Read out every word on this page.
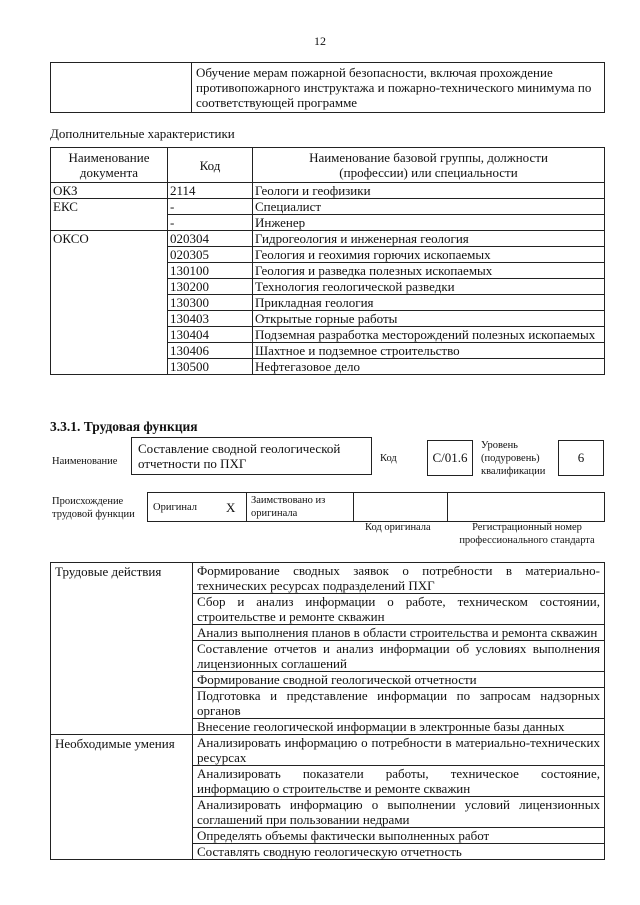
12
	Обучение мерам пожарной безопасности, включая прохождение противопожарного инструктажа и пожарно-технического минимума по соответствующей программе
Дополнительные характеристики
Наименование документа	Код	Наименование базовой группы, должности (профессии) или специальности
ОКЗ	2114	Геологи и геофизики
ЕКС	-	Специалист
	-	Инженер
ОКСО	020304	Гидрогеология и инженерная геология
	020305	Геология и геохимия горючих ископаемых
	130100	Геология и разведка полезных ископаемых
	130200	Технология геологической разведки
	130300	Прикладная геология
	130403	Открытые горные работы
	130404	Подземная разработка месторождений полезных ископаемых
	130406	Шахтное и подземное строительство
	130500	Нефтегазовое дело
3.3.1. Трудовая функция
Наименование
Составление сводной геологической отчетности по ПХГ	Код	С/01.6
Уровень (подуровень) квалификации
6
Происхождение трудовой функции
Оригинал X	Заимствовано из оригинала
Код оригинала	Регистрационный номер профессионального стандарта
Трудовые действия	Формирование сводных заявок о потребности в материально-технических ресурсах подразделений ПХГ
	Сбор и анализ информации о работе, техническом состоянии, строительстве и ремонте скважин
	Анализ выполнения планов в области строительства и ремонта скважин
	Составление отчетов и анализ информации об условиях выполнения лицензионных соглашений
	Формирование сводной геологической отчетности
	Подготовка и представление информации по запросам надзорных органов
	Внесение геологической информации в электронные базы данных
Необходимые умения	Анализировать информацию о потребности в материально-технических ресурсах
	Анализировать показатели работы, техническое состояние, информацию о строительстве и ремонте скважин
	Анализировать информацию о выполнении условий лицензионных соглашений при пользовании недрами
	Определять объемы фактически выполненных работ
	Составлять сводную геологическую отчетность
